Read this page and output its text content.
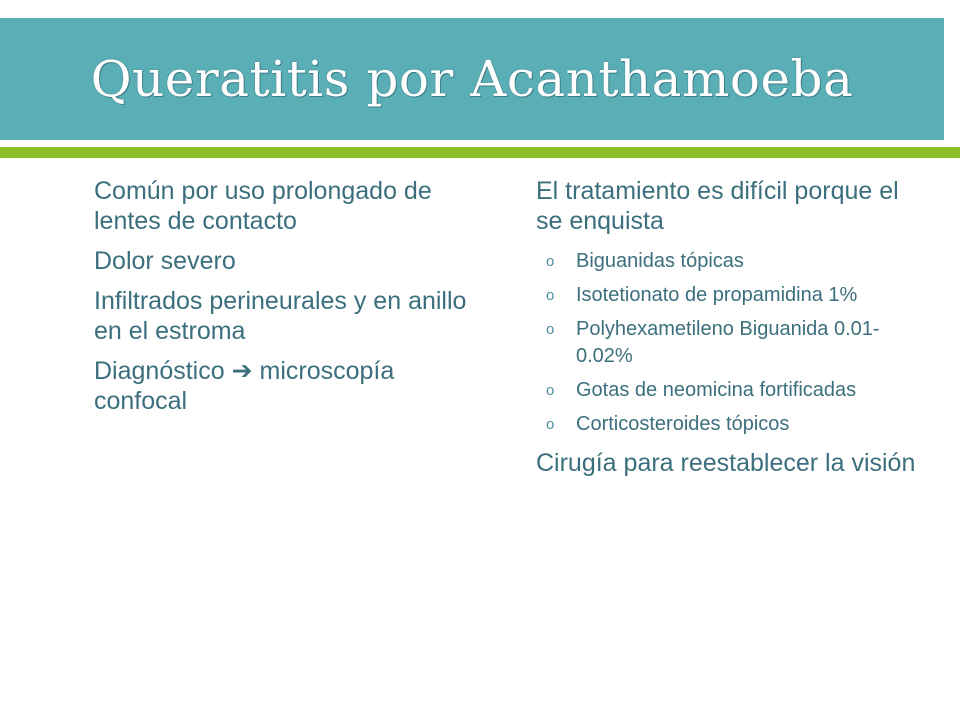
Queratitis por Acanthamoeba
Común por uso prolongado de lentes de contacto
Dolor severo
Infiltrados perineurales y en anillo en el estroma
Diagnóstico ➔ microscopía confocal
El tratamiento es difícil porque el se enquista
o Biguanidas tópicas
o Isotetionato de propamidina 1%
o Polyhexametileno Biguanida 0.01-0.02%
o Gotas de neomicina fortificadas
o Corticosteroides tópicos
Cirugía para reestablecer la visión
